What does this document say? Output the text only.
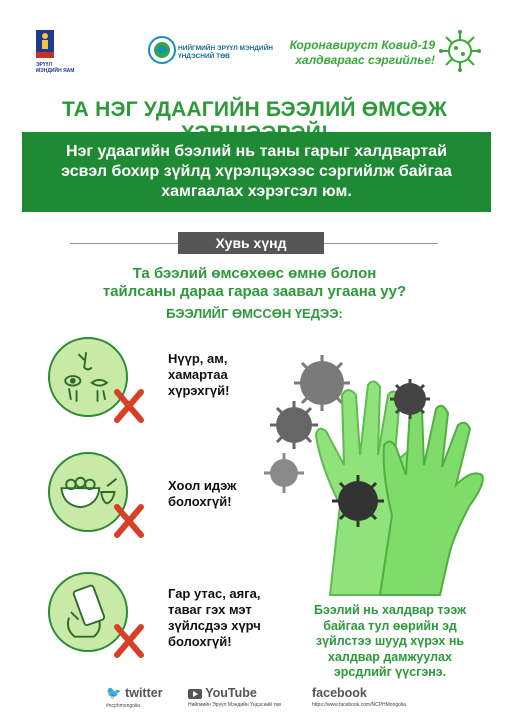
ЭРҮҮЛ
МЭНДИЙН ЯАМ
НИЙГМИЙН ЭРҮҮЛ МЭНДИЙН
ҮНДЭСНИЙ ТӨВ
Коронавируст Ковид-19
халдвараас сэргийлье!
ТА НЭГ УДААГИЙН БЭЭЛИЙ ӨМСӨЖ
Нэг удаагийн бээлий нь таны гарыг халдвартай
эсвэл бохир зүйлд хүрэлцэхээс сэргийлж байгаа
хамгаалах хэрэгсэл юм.
Хувь хүнд
Та бээлий өмсөхөөс өмнө болон
тайлсаны дараа гараа заавал угаана уу?
БЭЭЛИЙГ ӨМССӨН ҮЕДЭЭ:
Нүүр, ам,
хамартаа
хүрэхгүй!
Хоол идэж
болохгүй!
Гар утас, аяга,
таваг гэх мэт
зүйлсдээ хүрч
болохгүй!
Бээлий нь халдвар тээж
байгаа тул өөрийн эд
зүйлстээ шууд хүрэх нь
халдвар дамжуулах
эрсдлийг үүсгэнэ.
🐦 twitter
#ncphmongolia
YouTube
Нийгмийн Эрүүл Мэндийн Үндэсний төв
facebook
https://www.facebook.com/NCPHMongolia
